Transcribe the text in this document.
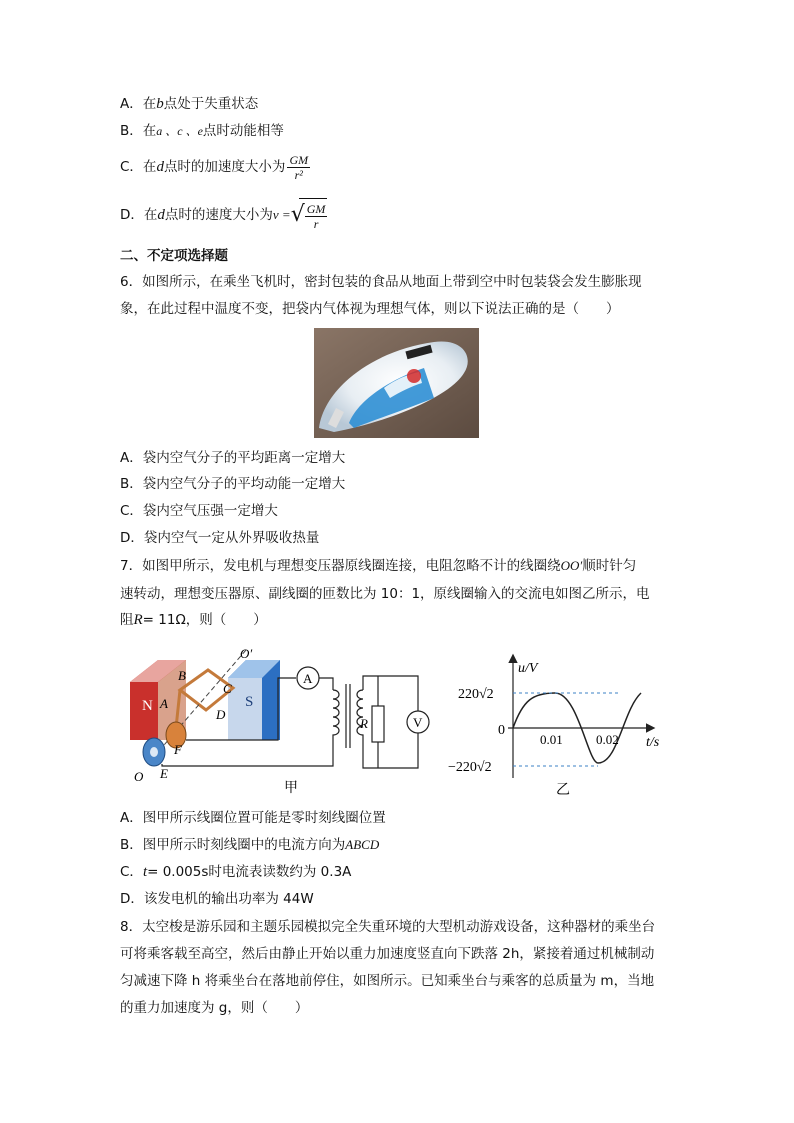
A．在b点处于失重状态
B．在a 、c 、e点时动能相等
C．在d点时的加速度大小为 $\frac{GM}{\text{r²}}$
D．在d点时的速度大小为v = √ $\frac{GM}{r}$
二、不定项选择题
6．如图所示，在乘坐飞机时，密封包装的食品从地面上带到空中时包装袋会发生膨胀现
象，在此过程中温度不变，把袋内气体视为理想气体，则以下说法正确的是（　　）
A．袋内空气分子的平均距离一定增大
B．袋内空气分子的平均动能一定增大
C．袋内空气压强一定增大
D．袋内空气一定从外界吸收热量
7．如图甲所示，发电机与理想变压器原线圈连接，电阻忽略不计的线圈绕OO′顺时针匀
速转动，理想变压器原、副线圈的匝数比为 10：1，原线圈输入的交流电如图乙所示，电
阻R= 11Ω，则（　　）
N	S
O′
B
A
C
D
F
E
O
A
R	V
甲
u/V
t/s
220√2
−220√2
0
0.01	0.02
乙
A．图甲所示线圈位置可能是零时刻线圈位置
B．图甲所示时刻线圈中的电流方向为ABCD
C．t= 0.005s时电流表读数约为 0.3A
D．该发电机的输出功率为 44W
8．太空梭是游乐园和主题乐园模拟完全失重环境的大型机动游戏设备，这种器材的乘坐台
可将乘客载至高空，然后由静止开始以重力加速度竖直向下跌落 2h，紧接着通过机械制动
匀减速下降 h 将乘坐台在落地前停住，如图所示。已知乘坐台与乘客的总质量为 m，当地
的重力加速度为 g，则（　　）
